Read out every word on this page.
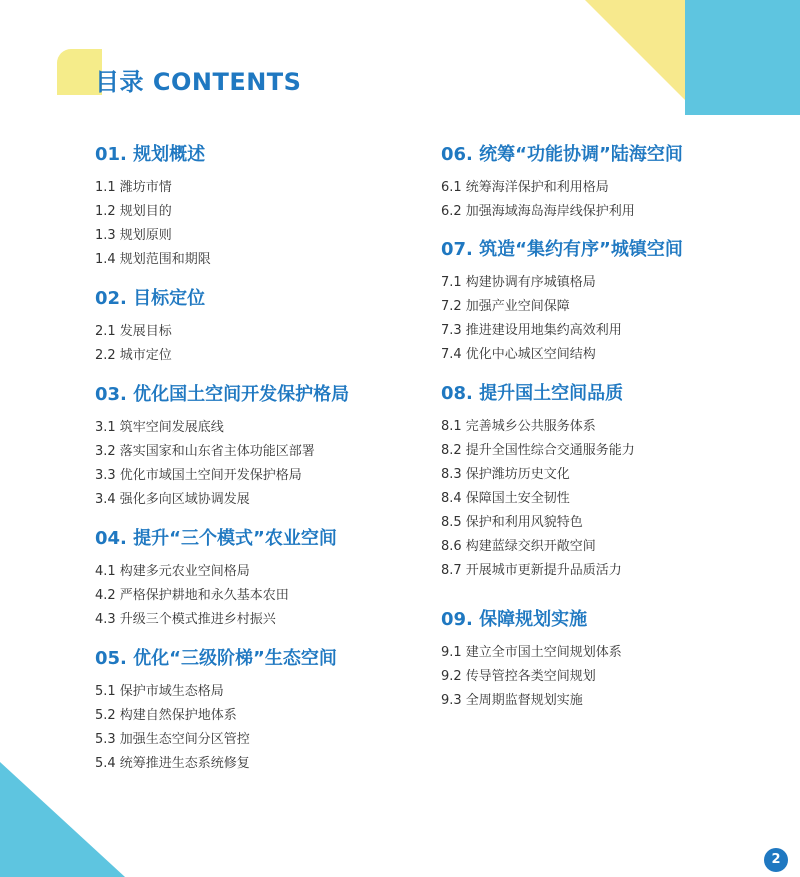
目录 CONTENTS
01. 规划概述
1.1 潍坊市情
1.2 规划目的
1.3 规划原则
1.4 规划范围和期限
02. 目标定位
2.1 发展目标
2.2 城市定位
03. 优化国土空间开发保护格局
3.1 筑牢空间发展底线
3.2 落实国家和山东省主体功能区部署
3.3 优化市域国土空间开发保护格局
3.4 强化多向区域协调发展
04. 提升“三个模式”农业空间
4.1 构建多元农业空间格局
4.2 严格保护耕地和永久基本农田
4.3 升级三个模式推进乡村振兴
05. 优化“三级阶梯”生态空间
5.1 保护市域生态格局
5.2 构建自然保护地体系
5.3 加强生态空间分区管控
5.4 统筹推进生态系统修复
06. 统筹“功能协调”陆海空间
6.1 统筹海洋保护和利用格局
6.2 加强海域海岛海岸线保护利用
07. 筑造“集约有序”城镇空间
7.1 构建协调有序城镇格局
7.2 加强产业空间保障
7.3 推进建设用地集约高效利用
7.4 优化中心城区空间结构
08. 提升国土空间品质
8.1 完善城乡公共服务体系
8.2 提升全国性综合交通服务能力
8.3 保护潍坊历史文化
8.4 保障国土安全韧性
8.5 保护和利用风貌特色
8.6 构建蓝绿交织开敞空间
8.7 开展城市更新提升品质活力
09. 保障规划实施
9.1 建立全市国土空间规划体系
9.2 传导管控各类空间规划
9.3 全周期监督规划实施
2
